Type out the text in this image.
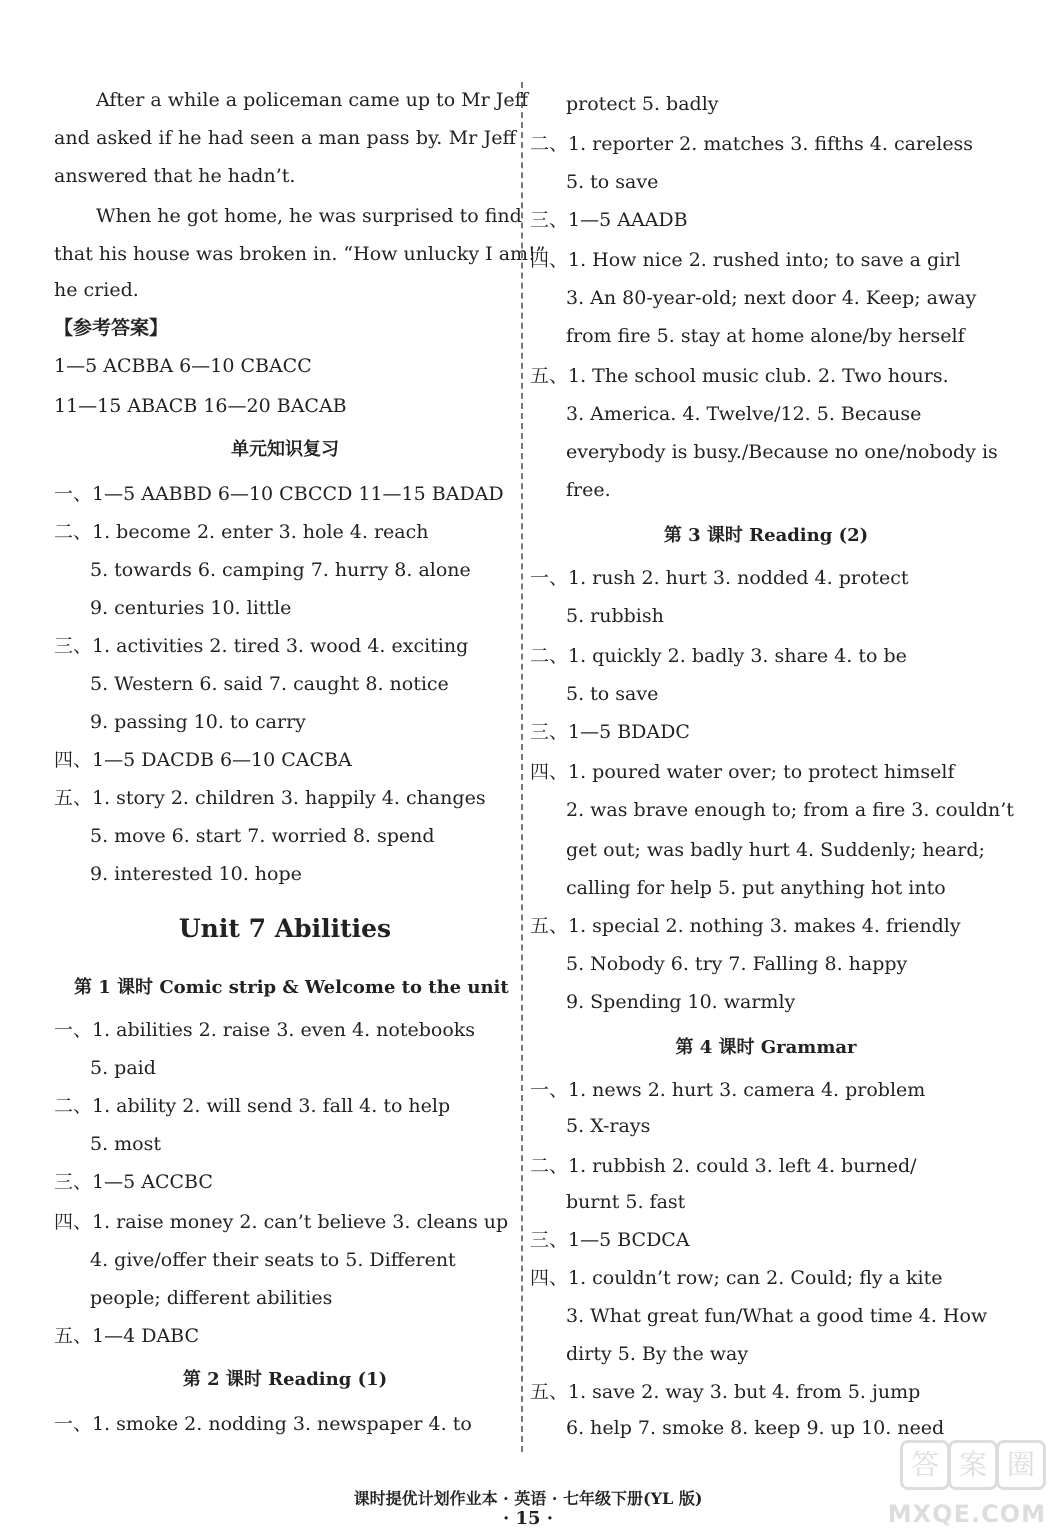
After a while a policeman came up to Mr Jeff
and asked if he had seen a man pass by. Mr Jeff
answered that he hadn’t.
When he got home, he was surprised to find
that his house was broken in. “How unlucky I am!”
he cried.
【参考答案】
1—5 ACBBA 6—10 CBACC
11—15 ABACB 16—20 BACAB
单元知识复习
一、1—5 AABBD 6—10 CBCCD 11—15 BADAD
二、1. become 2. enter 3. hole 4. reach
5. towards 6. camping 7. hurry 8. alone
9. centuries 10. little
三、1. activities 2. tired 3. wood 4. exciting
5. Western 6. said 7. caught 8. notice
9. passing 10. to carry
四、1—5 DACDB 6—10 CACBA
五、1. story 2. children 3. happily 4. changes
5. move 6. start 7. worried 8. spend
9. interested 10. hope
Unit 7 Abilities
第 1 课时 Comic strip & Welcome to the unit
一、1. abilities 2. raise 3. even 4. notebooks
5. paid
二、1. ability 2. will send 3. fall 4. to help
5. most
三、1—5 ACCBC
四、1. raise money 2. can’t believe 3. cleans up
4. give/offer their seats to 5. Different
people; different abilities
五、1—4 DABC
第 2 课时 Reading (1)
一、1. smoke 2. nodding 3. newspaper 4. to
protect 5. badly
二、1. reporter 2. matches 3. fifths 4. careless
5. to save
三、1—5 AAADB
四、1. How nice 2. rushed into; to save a girl
3. An 80-year-old; next door 4. Keep; away
from fire 5. stay at home alone/by herself
五、1. The school music club. 2. Two hours.
3. America. 4. Twelve/12. 5. Because
everybody is busy./Because no one/nobody is
free.
第 3 课时 Reading (2)
一、1. rush 2. hurt 3. nodded 4. protect
5. rubbish
二、1. quickly 2. badly 3. share 4. to be
5. to save
三、1—5 BDADC
四、1. poured water over; to protect himself
2. was brave enough to; from a fire 3. couldn’t
get out; was badly hurt 4. Suddenly; heard;
calling for help 5. put anything hot into
五、1. special 2. nothing 3. makes 4. friendly
5. Nobody 6. try 7. Falling 8. happy
9. Spending 10. warmly
第 4 课时 Grammar
一、1. news 2. hurt 3. camera 4. problem
5. X-rays
二、1. rubbish 2. could 3. left 4. burned/
burnt 5. fast
三、1—5 BCDCA
四、1. couldn’t row; can 2. Could; fly a kite
3. What great fun/What a good time 4. How
dirty 5. By the way
五、1. save 2. way 3. but 4. from 5. jump
6. help 7. smoke 8. keep 9. up 10. need
课时提优计划作业本 · 英语 · 七年级下册(YL 版)
· 15 ·
答 案 圈
MXQE.COM
